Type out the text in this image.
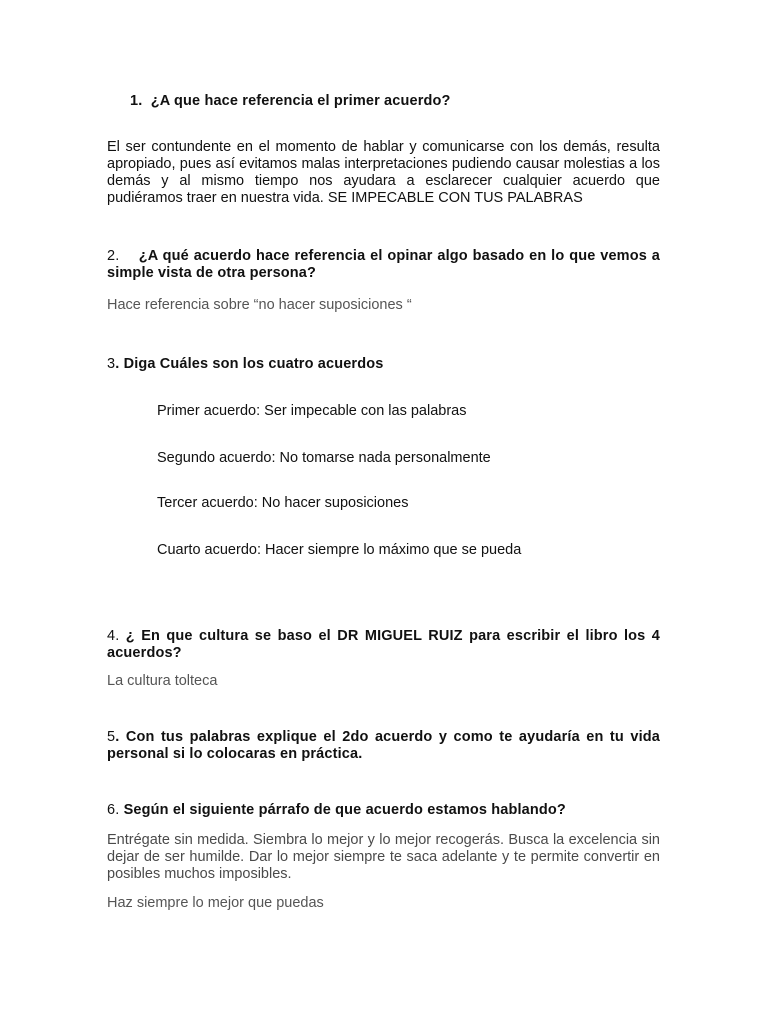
1. ¿A que hace referencia el primer acuerdo?

El ser contundente en el momento de hablar y comunicarse con los demás, resulta apropiado, pues así evitamos malas interpretaciones pudiendo causar molestias a los demás y al mismo tiempo nos ayudara a esclarecer cualquier acuerdo que pudiéramos traer en nuestra vida. SE IMPECABLE CON TUS PALABRAS

2. ¿A qué acuerdo hace referencia el opinar algo basado en lo que vemos a simple vista de otra persona?

Hace referencia sobre “no hacer suposiciones “

3. Diga Cuáles son los cuatro acuerdos

Primer acuerdo: Ser impecable con las palabras

Segundo acuerdo: No tomarse nada personalmente

Tercer acuerdo: No hacer suposiciones

Cuarto acuerdo: Hacer siempre lo máximo que se pueda

4. ¿ En que cultura se baso el DR MIGUEL RUIZ para escribir el libro los 4 acuerdos?

La cultura tolteca

5. Con tus palabras explique el 2do acuerdo y como te ayudaría en tu vida personal si lo colocaras en práctica.

6. Según el siguiente párrafo de que acuerdo estamos hablando?

Entrégate sin medida. Siembra lo mejor y lo mejor recogerás. Busca la excelencia sin dejar de ser humilde. Dar lo mejor siempre te saca adelante y te permite convertir en posibles muchos imposibles.

Haz siempre lo mejor que puedas
